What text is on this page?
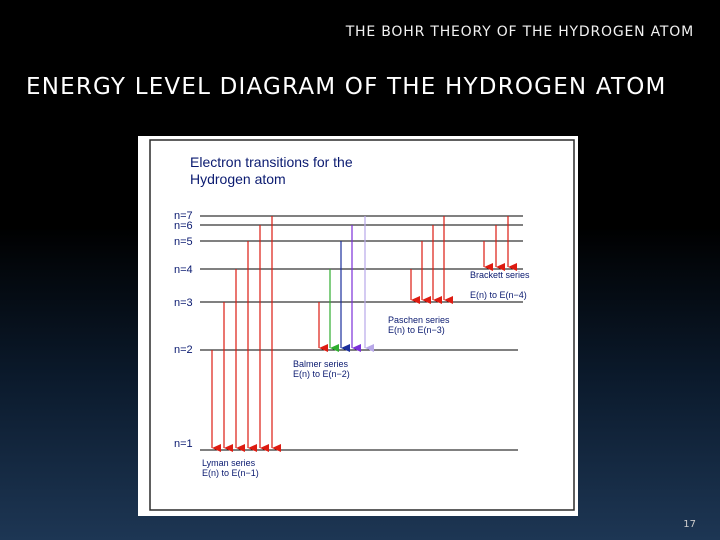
THE BOHR THEORY OF THE HYDROGEN ATOM
ENERGY LEVEL DIAGRAM OF THE HYDROGEN ATOM
Electron transitions for the
Hydrogen atom
n=7
n=6
n=5
n=4
n=3
n=2
n=1
Lyman series
E(n) to E(n−1)
Balmer series
E(n) to E(n−2)
Paschen series
E(n) to E(n−3)
Brackett series
E(n) to E(n−4)
17
